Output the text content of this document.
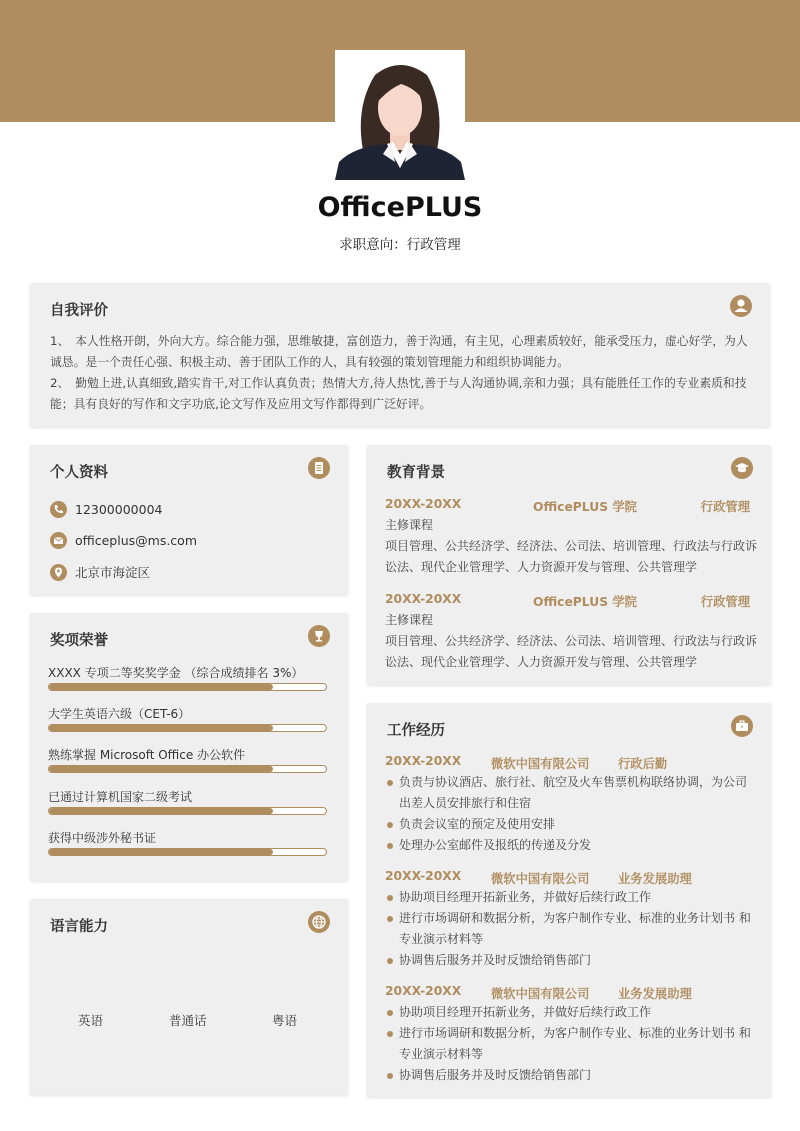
OfficePLUS
求职意向：行政管理
自我评价

1、　本人性格开朗，外向大方。综合能力强，思维敏捷，富创造力，善于沟通，有主见，心理素质较好，能承受压力，虚心好学，为人诚恳。是一个责任心强、积极主动、善于团队工作的人，具有较强的策划管理能力和组织协调能力。

2、　勤勉上进,认真细致,踏实肯干,对工作认真负责；热情大方,待人热忱,善于与人沟通协调,亲和力强；具有能胜任工作的专业素质和技能；具有良好的写作和文字功底,论文写作及应用文写作都得到广泛好评。

个人资料
12300000004
officeplus@ms.com
北京市海淀区
奖项荣誉
XXXX 专项二等奖奖学金 （综合成绩排名 3%）
大学生英语六级（CET-6）
熟练掌握 Microsoft Office 办公软件
已通过计算机国家二级考试
获得中级涉外秘书证
语言能力
英语	普通话	粤语
教育背景
20XX-20XX	OfficePLUS 学院	行政管理
主修课程
项目管理、公共经济学、经济法、公司法、培训管理、行政法与行政诉讼法、现代企业管理学、人力资源开发与管理、公共管理学
20XX-20XX	OfficePLUS 学院	行政管理
主修课程
项目管理、公共经济学、经济法、公司法、培训管理、行政法与行政诉讼法、现代企业管理学、人力资源开发与管理、公共管理学
工作经历
20XX-20XX 微软中国有限公司 行政后勤
负责与协议酒店、旅行社、航空及火车售票机构联络协调，为公司出差人员安排旅行和住宿
负责会议室的预定及使用安排
处理办公室邮件及报纸的传递及分发
20XX-20XX 微软中国有限公司 业务发展助理
协助项目经理开拓新业务，并做好后续行政工作
进行市场调研和数据分析，为客户制作专业、标准的业务计划书 和专业演示材料等
协调售后服务并及时反馈给销售部门
20XX-20XX 微软中国有限公司 业务发展助理
协助项目经理开拓新业务，并做好后续行政工作
进行市场调研和数据分析，为客户制作专业、标准的业务计划书 和专业演示材料等
协调售后服务并及时反馈给销售部门
